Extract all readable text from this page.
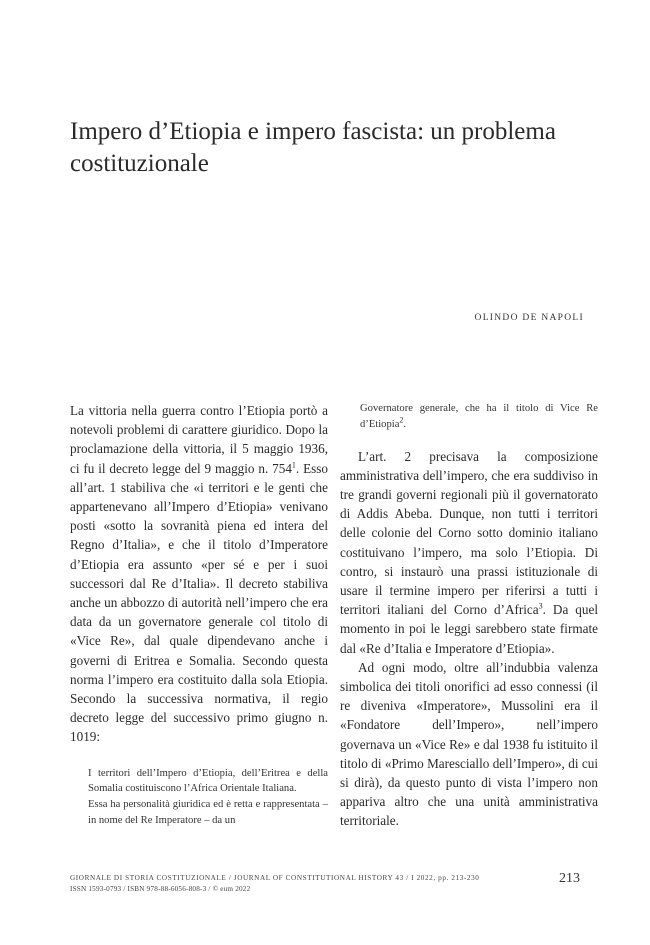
Impero d’Etiopia e impero fascista: un problema costituzionale
OLINDO DE NAPOLI

La vittoria nella guerra contro l’Etiopia portò a notevoli problemi di carattere giuridico. Dopo la proclamazione della vittoria, il 5 maggio 1936, ci fu il decreto legge del 9 maggio n. $754^1$. Esso all’art. 1 stabiliva che «i territori e le genti che appartenevano all’Impero d’Etiopia» venivano posti «sotto la sovranità piena ed intera del Regno d’Italia», e che il titolo d’Imperatore d’Etiopia era assunto «per sé e per i suoi successori dal Re d’Italia». Il decreto stabiliva anche un abbozzo di autorità nell’impero che era data da un governatore generale col titolo di «Vice Re», dal quale dipendevano anche i governi di Eritrea e Somalia. Secondo questa norma l’impero era costituito dalla sola Etiopia. Secondo la successiva normativa, il regio decreto legge del successivo primo giugno n. 1019:

I territori dell’Impero d’Etiopia, dell’Eritrea e della Somalia costituiscono l’Africa Orientale Italiana.

Essa ha personalità giuridica ed è retta e rappresentata – in nome del Re Imperatore – da un

Governatore generale, che ha il titolo di Vice Re d’Etiopia$^2$.

L’art. 2 precisava la composizione amministrativa dell’impero, che era suddiviso in tre grandi governi regionali più il governatorato di Addis Abeba. Dunque, non tutti i territori delle colonie del Corno sotto dominio italiano costituivano l’impero, ma solo l’Etiopia. Di contro, si instaurò una prassi istituzionale di usare il termine impero per riferirsi a tutti i territori italiani del Corno d’Africa$^3$. Da quel momento in poi le leggi sarebbero state firmate dal «Re d’Italia e Imperatore d’Etiopia».

Ad ogni modo, oltre all’indubbia valenza simbolica dei titoli onorifici ad esso connessi (il re diveniva «Imperatore», Mussolini era il «Fondatore dell’Impero», nell’impero governava un «Vice Re» e dal 1938 fu istituito il titolo di «Primo Maresciallo dell’Impero», di cui si dirà), da questo punto di vista l’impero non appariva altro che una unità amministrativa territoriale.

GIORNALE DI STORIA COSTITUZIONALE / JOURNAL OF CONSTITUTIONAL HISTORY 43 / I 2022, pp. 213-230
ISSN 1593-0793 / ISBN 978-88-6056-808-3 / © eum 2022
213
